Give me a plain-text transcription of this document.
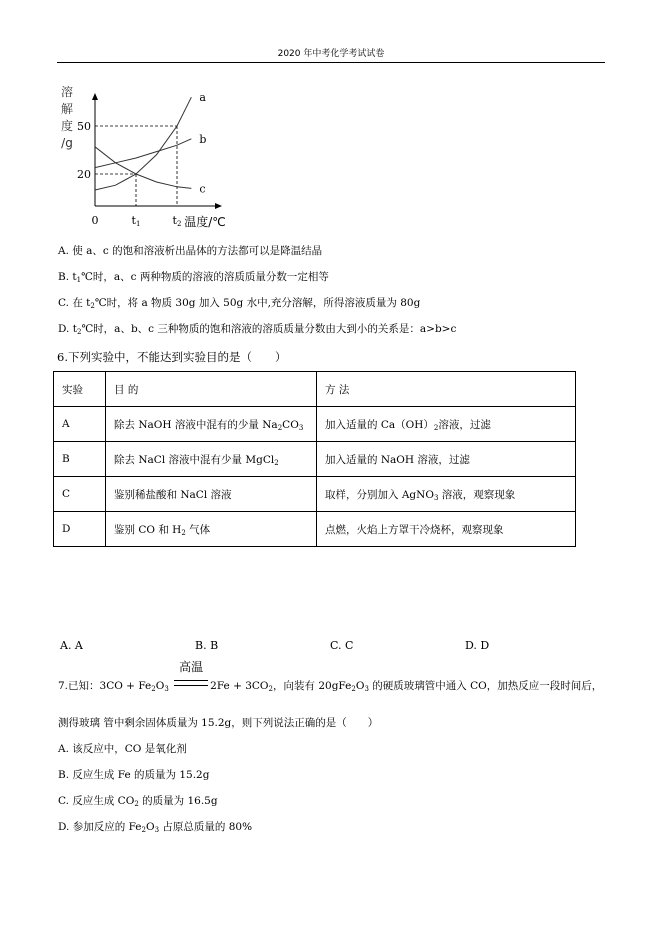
2020 年中考化学考试试卷
溶
解
度
/g
20
50
0	t1	t2 温度/℃
a
b
c
A. 使 a、c 的饱和溶液析出晶体的方法都可以是降温结晶
B. $t_1℃$时，a、c 两种物质的溶液的溶质质量分数一定相等
C. 在 $t_2℃$时，将 a 物质 30g 加入 50g 水中,充分溶解，所得溶液质量为 80g
D. $t_2℃$时，a、b、c 三种物质的饱和溶液的溶质质量分数由大到小的关系是：a>b>c
6.下列实验中，不能达到实验目的是（　　）
实验	目 的	方 法
A	除去 NaOH 溶液中混有的少量 $Na_2CO_3$	加入适量的 $Ca(OH)_2$溶液，过滤
B	除去 NaCl 溶液中混有少量 MgCl$_2$	加入适量的 NaOH 溶液，过滤
C	鉴别稀盐酸和 NaCl 溶液	取样，分别加入 AgNO$_3$ 溶液，观察现象
D	鉴别 CO 和 $H_2$ 气体	点燃，火焰上方罩干冷烧杯，观察现象
A. A	B. B	C. C	D. D
7.已知：$3CO + Fe_2O_3$
高温
$2Fe + 3CO_2$，向装有 $20gFe_2O_3$ 的硬质玻璃管中通入 CO，加热反应一段时间后，
测得玻璃 管中剩余固体质量为 15.2g，则下列说法正确的是（　　）
A. 该反应中，CO 是氧化剂
B. 反应生成 Fe 的质量为 15.2g
C. 反应生成 $CO_2$ 的质量为 16.5g
D. 参加反应的 $Fe_2O_3$ 占原总质量的 80%
